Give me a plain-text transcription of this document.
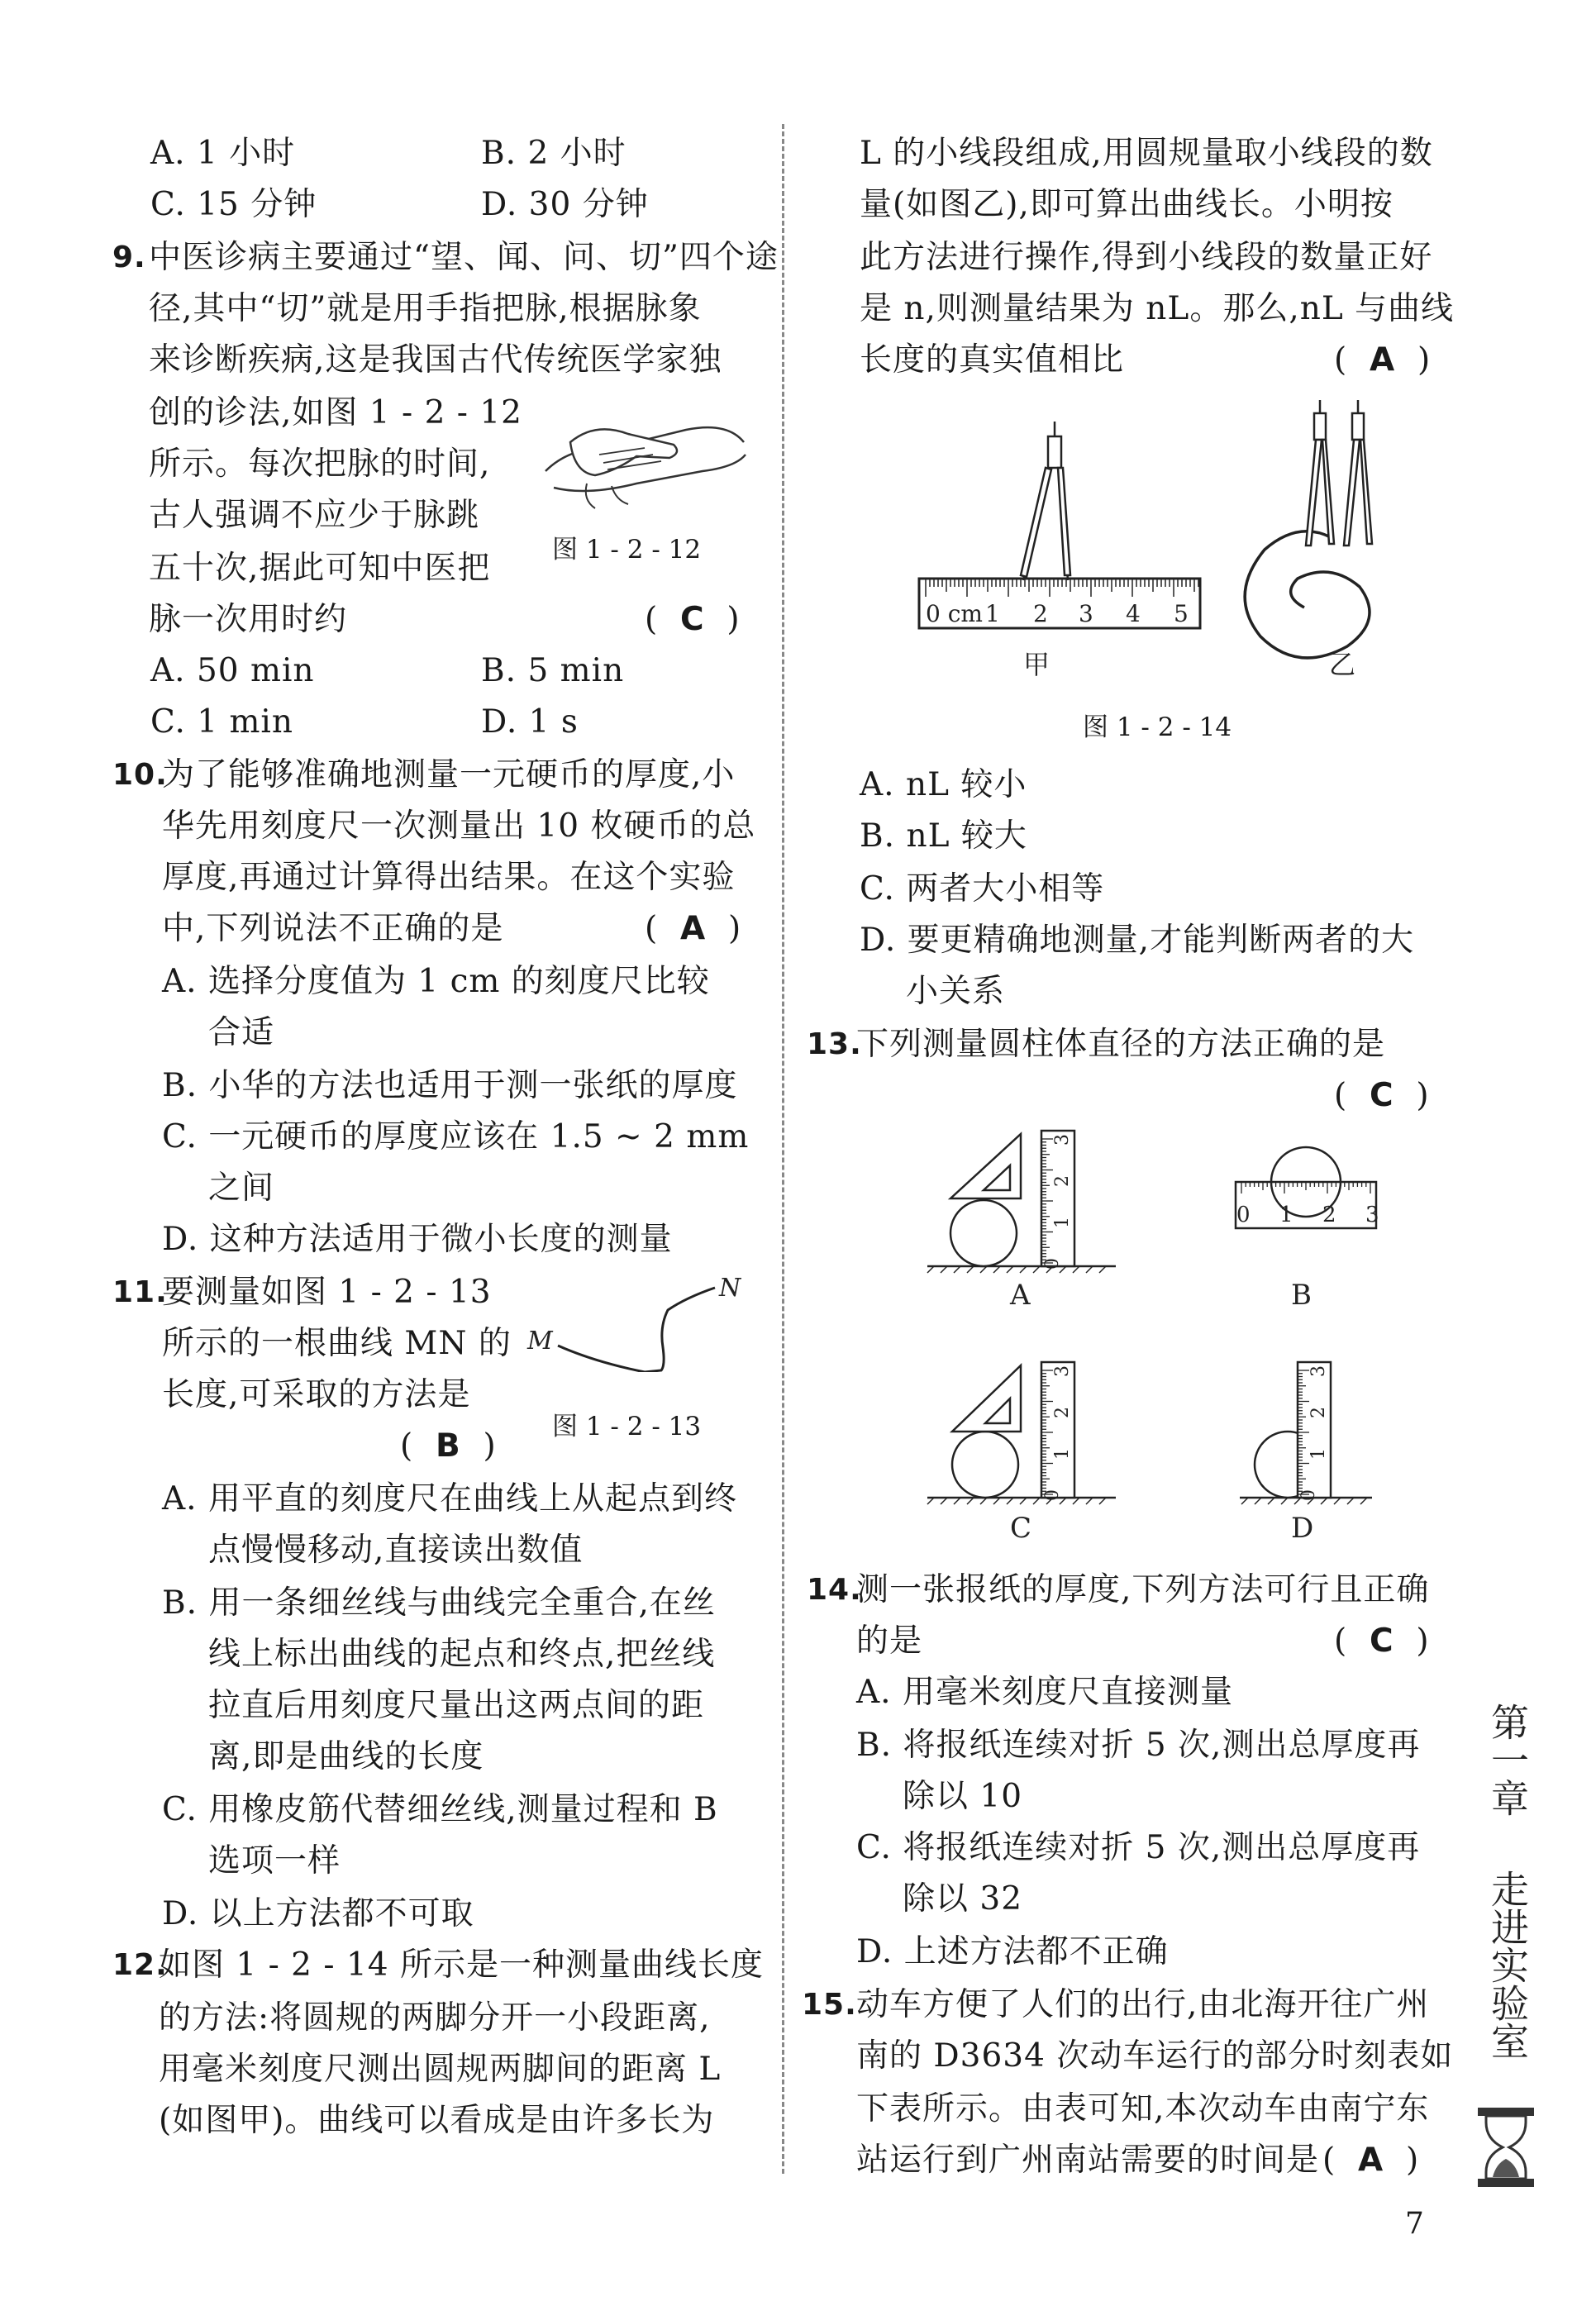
A. 1 小时	B. 2 小时
C. 15 分钟	D. 30 分钟
9. 中医诊病主要通过“望、闻、问、切”四个途
径,其中“切”就是用手指把脉,根据脉象
来诊断疾病,这是我国古代传统医学家独
创的诊法,如图 1 - 2 - 12
所示。每次把脉的时间,
古人强调不应少于脉跳
五十次,据此可知中医把
脉一次用时约	(  C  )
图 1 - 2 - 12
A. 50 min	B. 5 min
C. 1 min	D. 1 s
10.
为了能够准确地测量一元硬币的厚度,小
华先用刻度尺一次测量出 10 枚硬币的总
厚度,再通过计算得出结果。在这个实验
中,下列说法不正确的是	(  A  )
A. 选择分度值为 1 cm 的刻度尺比较
合适
B. 小华的方法也适用于测一张纸的厚度
C. 一元硬币的厚度应该在 1.5 ~ 2 mm
之间
D. 这种方法适用于微小长度的测量
11.
要测量如图 1 - 2 - 13
所示的一根曲线 MN 的
长度,可采取的方法是
(  B  )
M
N
图 1 - 2 - 13
A. 用平直的刻度尺在曲线上从起点到终
点慢慢移动,直接读出数值
B. 用一条细丝线与曲线完全重合,在丝
线上标出曲线的起点和终点,把丝线
拉直后用刻度尺量出这两点间的距
离,即是曲线的长度
C. 用橡皮筋代替细丝线,测量过程和 B
选项一样
D. 以上方法都不可取
12.
如图 1 - 2 - 14 所示是一种测量曲线长度
的方法:将圆规的两脚分开一小段距离,
用毫米刻度尺测出圆规两脚间的距离 L
(如图甲)。曲线可以看成是由许多长为
L 的小线段组成,用圆规量取小线段的数
量(如图乙),即可算出曲线长。小明按
此方法进行操作,得到小线段的数量正好
是 n,则测量结果为 nL。那么,nL 与曲线
长度的真实值相比	(  A  )
0 cm 1 2 3 4 5
甲	乙
图 1 - 2 - 14
A. nL 较小
B. nL 较大
C. 两者大小相等
D. 要更精确地测量,才能判断两者的大
小关系
13.
下列测量圆柱体直径的方法正确的是
(  C  )
0
1
2
3
A
0 1 2 3
B
0
1
2
3
C
0
1
2
3
D
14.
测一张报纸的厚度,下列方法可行且正确
的是	(  C  )
A. 用毫米刻度尺直接测量
B. 将报纸连续对折 5 次,测出总厚度再
除以 10
C. 将报纸连续对折 5 次,测出总厚度再
除以 32
D. 上述方法都不正确
15. 动车方便了人们的出行,由北海开往广州
南的 D3634 次动车运行的部分时刻表如
下表所示。由表可知,本次动车由南宁东
站运行到广州南站需要的时间是 (  A  )
第一章
走进实验室
7
